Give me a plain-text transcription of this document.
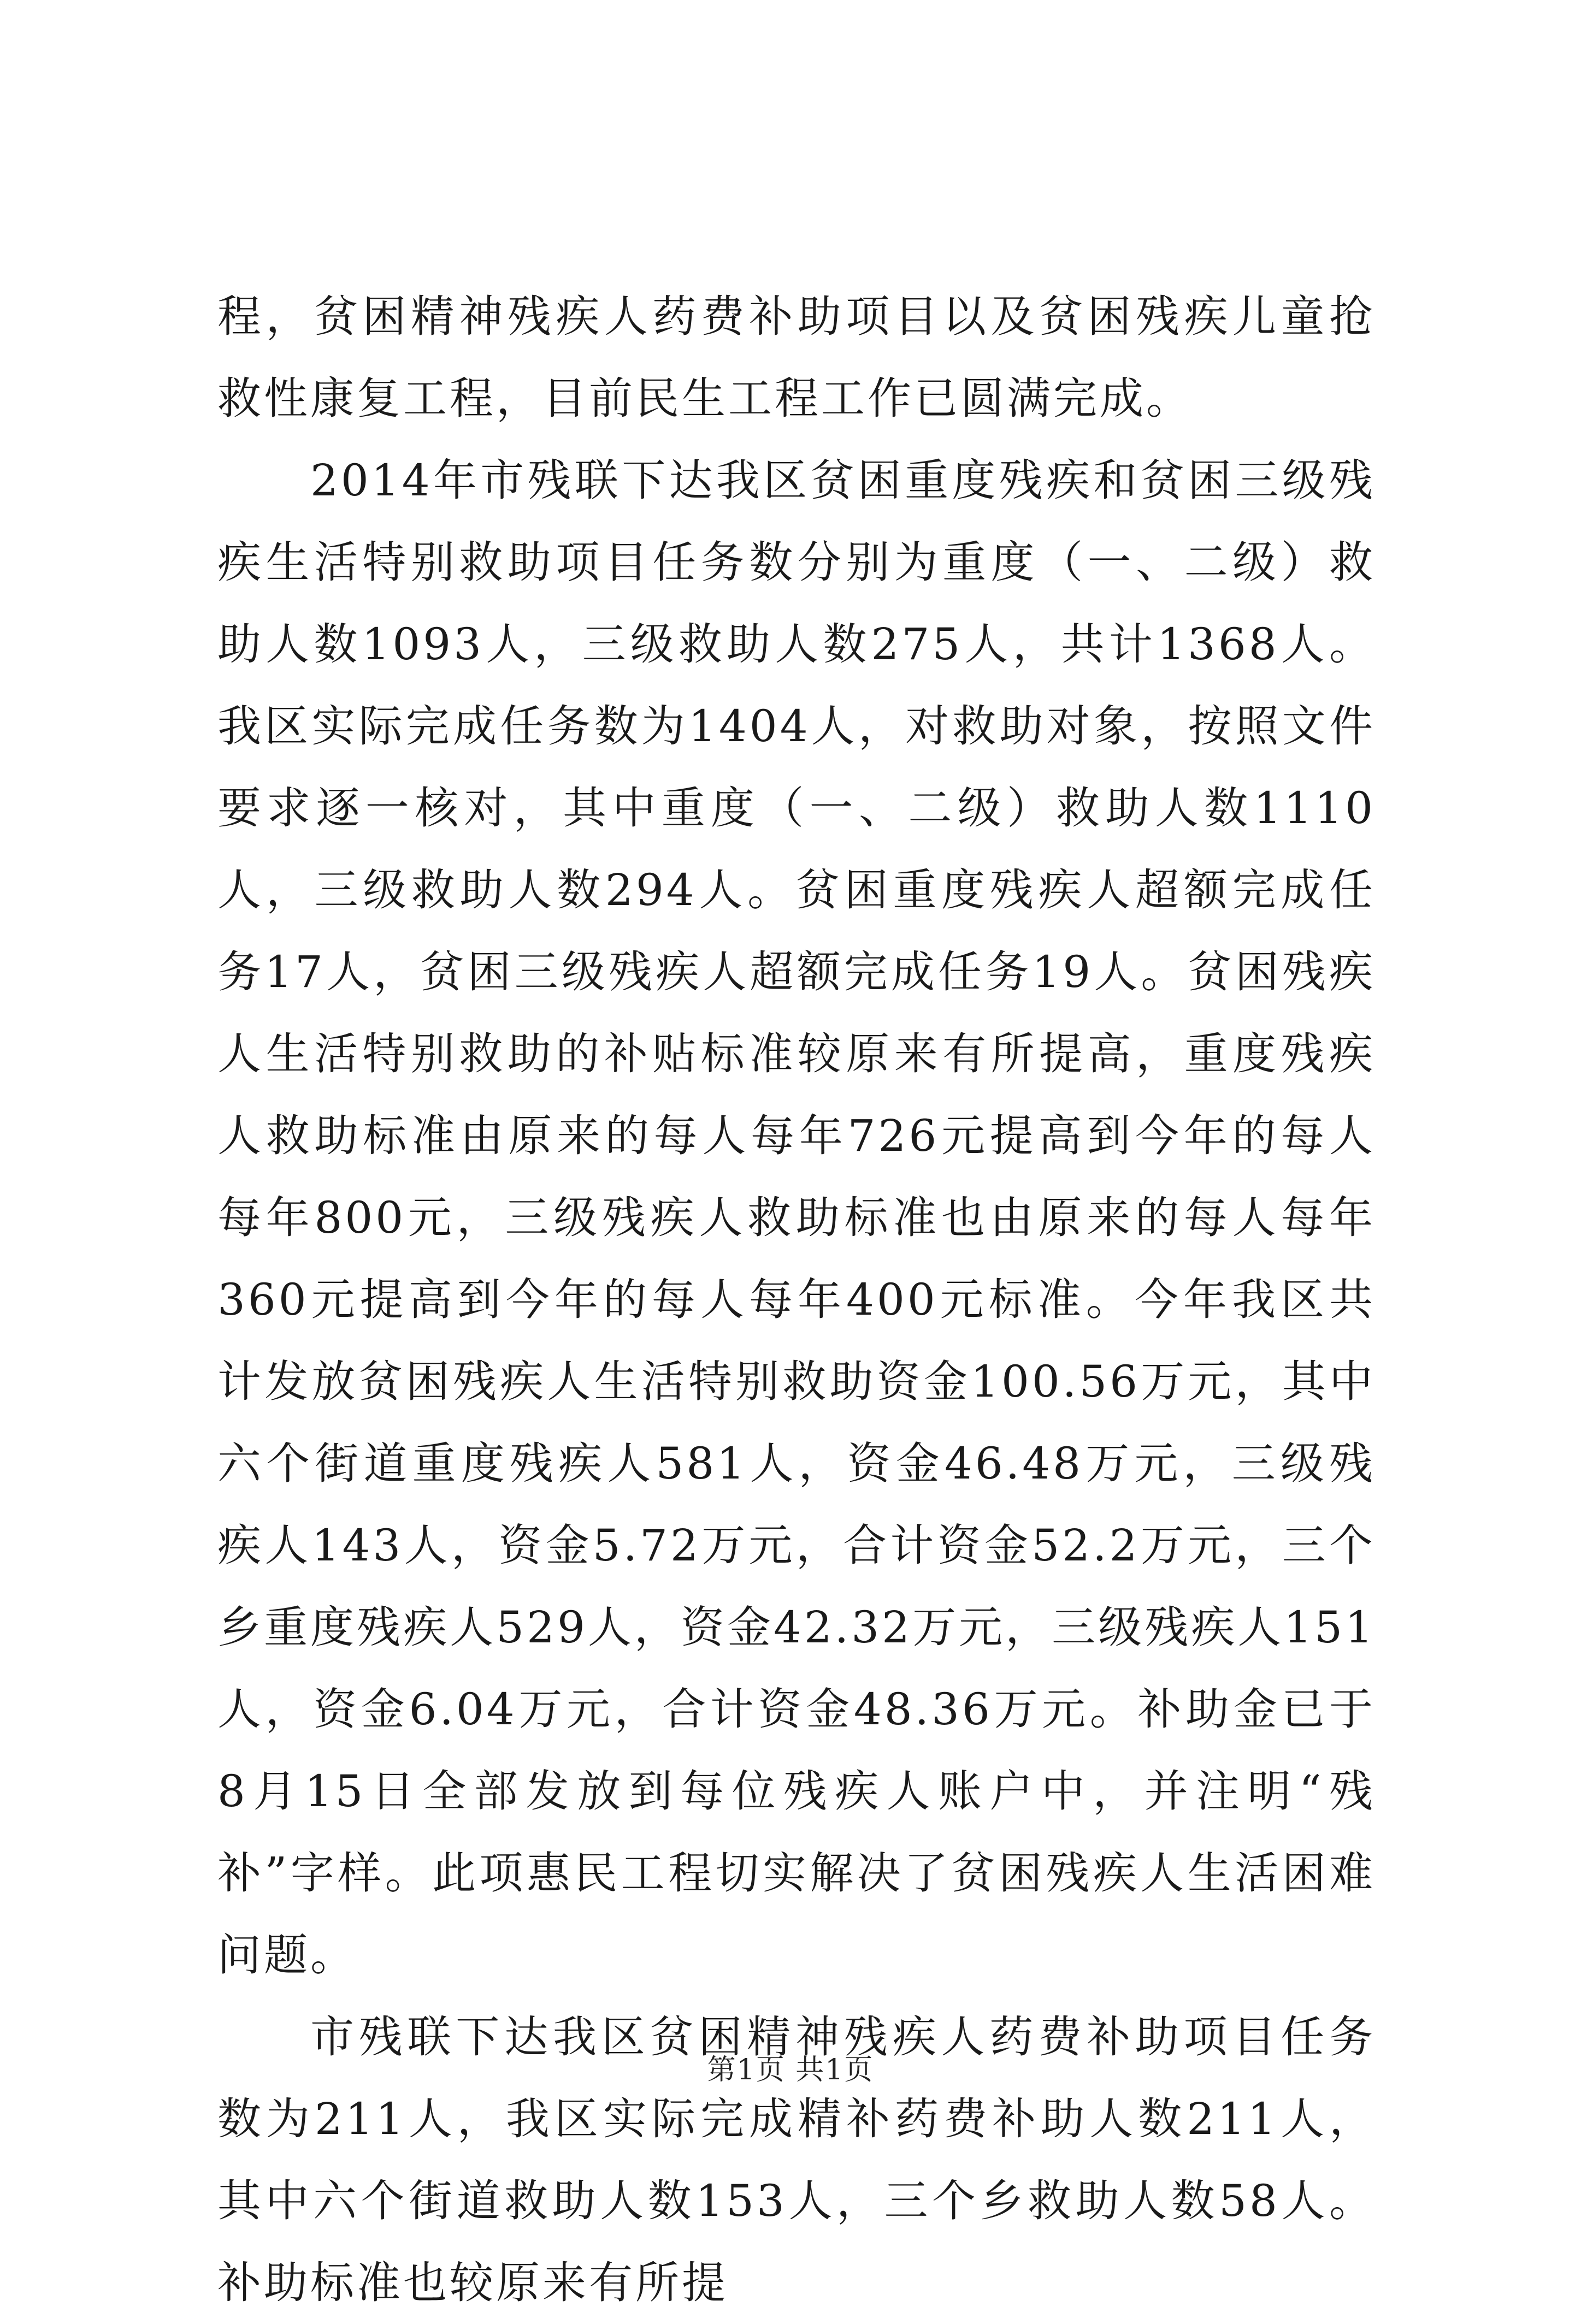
程，贫困精神残疾人药费补助项目以及贫困残疾儿童抢救性康复工程，目前民生工程工作已圆满完成。

2014年市残联下达我区贫困重度残疾和贫困三级残疾生活特别救助项目任务数分别为重度（一、二级）救助人数1093人，三级救助人数275人，共计1368人。我区实际完成任务数为1404人，对救助对象，按照文件要求逐一核对，其中重度（一、二级）救助人数1110人，三级救助人数294人。贫困重度残疾人超额完成任务17人，贫困三级残疾人超额完成任务19人。贫困残疾人生活特别救助的补贴标准较原来有所提高，重度残疾人救助标准由原来的每人每年726元提高到今年的每人每年800元，三级残疾人救助标准也由原来的每人每年360元提高到今年的每人每年400元标准。今年我区共计发放贫困残疾人生活特别救助资金100.56万元，其中六个街道重度残疾人581人，资金46.48万元，三级残疾人143人，资金5.72万元，合计资金52.2万元，三个乡重度残疾人529人，资金42.32万元，三级残疾人151人，资金6.04万元，合计资金48.36万元。补助金已于8月15日全部发放到每位残疾人账户中，并注明“残补”字样。此项惠民工程切实解决了贫困残疾人生活困难问题。

市残联下达我区贫困精神残疾人药费补助项目任务数为211人，我区实际完成精补药费补助人数211人，其中六个街道救助人数153人，三个乡救助人数58人。补助标准也较原来有所提

第1页 共1页
